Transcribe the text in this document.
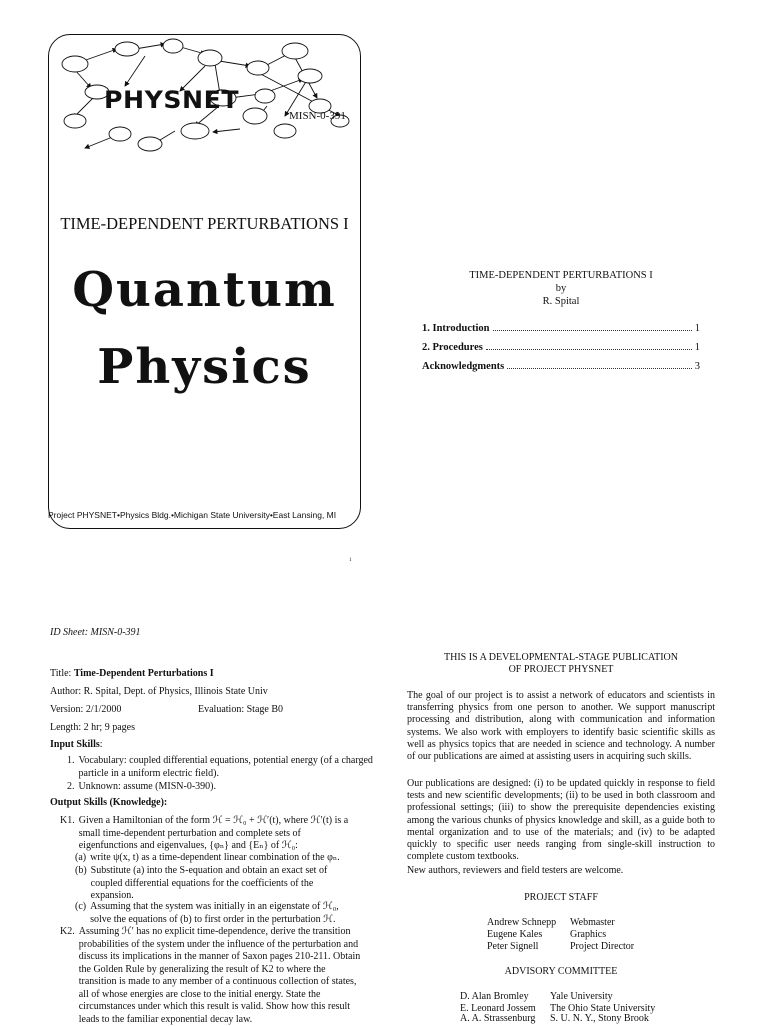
PHYSNET
MISN-0-391
TIME-DEPENDENT PERTURBATIONS I
Quantum
Physics
Project PHYSNET•Physics Bldg.•Michigan State University•East Lansing, MI
1
TIME-DEPENDENT PERTURBATIONS I
by
R. Spital
1. Introduction	1
2. Procedures	1
Acknowledgments	3
ID Sheet: MISN-0-391
Title: Time-Dependent Perturbations I
Author: R. Spital, Dept. of Physics, Illinois State Univ
Version: 2/1/2000	Evaluation: Stage B0
Length: 2 hr; 9 pages
Input Skills:
1. Vocabulary: coupled differential equations, potential energy (of a charged particle in a uniform electric field).
2. Unknown: assume (MISN-0-390).
Output Skills (Knowledge):
K1. Given a Hamiltonian of the form ℋ = ℋ₀ + ℋ′(t), where ℋ′(t) is a small time-dependent perturbation and complete sets of eigenfunctions and eigenvalues, {φₙ} and {Eₙ} of ℋ₀:
(a) write ψ(x, t) as a time-dependent linear combination of the φₙ.
(b) Substitute (a) into the S-equation and obtain an exact set of coupled differential equations for the coefficients of the expansion.
(c) Assuming that the system was initially in an eigenstate of ℋ₀, solve the equations of (b) to first order in the perturbation ℋ.
K2. Assuming ℋ′ has no explicit time-dependence, derive the transition probabilities of the system under the influence of the perturbation and discuss its implications in the manner of Saxon pages 210-211. Obtain the Golden Rule by generalizing the result of K2 to where the transition is made to any member of a continuous collection of states, all of whose energies are close to the initial energy. State the circumstances under which this result is valid. Show how this result leads to the familiar exponential decay law.
THIS IS A DEVELOPMENTAL-STAGE PUBLICATION
OF PROJECT PHYSNET
The goal of our project is to assist a network of educators and scientists in transferring physics from one person to another. We support manuscript processing and distribution, along with communication and information systems. We also work with employers to identify basic scientific skills as well as physics topics that are needed in science and technology. A number of our publications are aimed at assisting users in acquiring such skills.
Our publications are designed: (i) to be updated quickly in response to field tests and new scientific developments; (ii) to be used in both classroom and professional settings; (iii) to show the prerequisite dependencies existing among the various chunks of physics knowledge and skill, as a guide both to mental organization and to use of the materials; and (iv) to be adapted quickly to specific user needs ranging from single-skill instruction to complete custom textbooks.
New authors, reviewers and field testers are welcome.
PROJECT STAFF
Andrew Schnepp Webmaster
Eugene Kales	Graphics
Peter Signell	Project Director
ADVISORY COMMITTEE
D. Alan Bromley Yale University
E. Leonard Jossem The Ohio State University
A. A. Strassenburg S. U. N. Y., Stony Brook
